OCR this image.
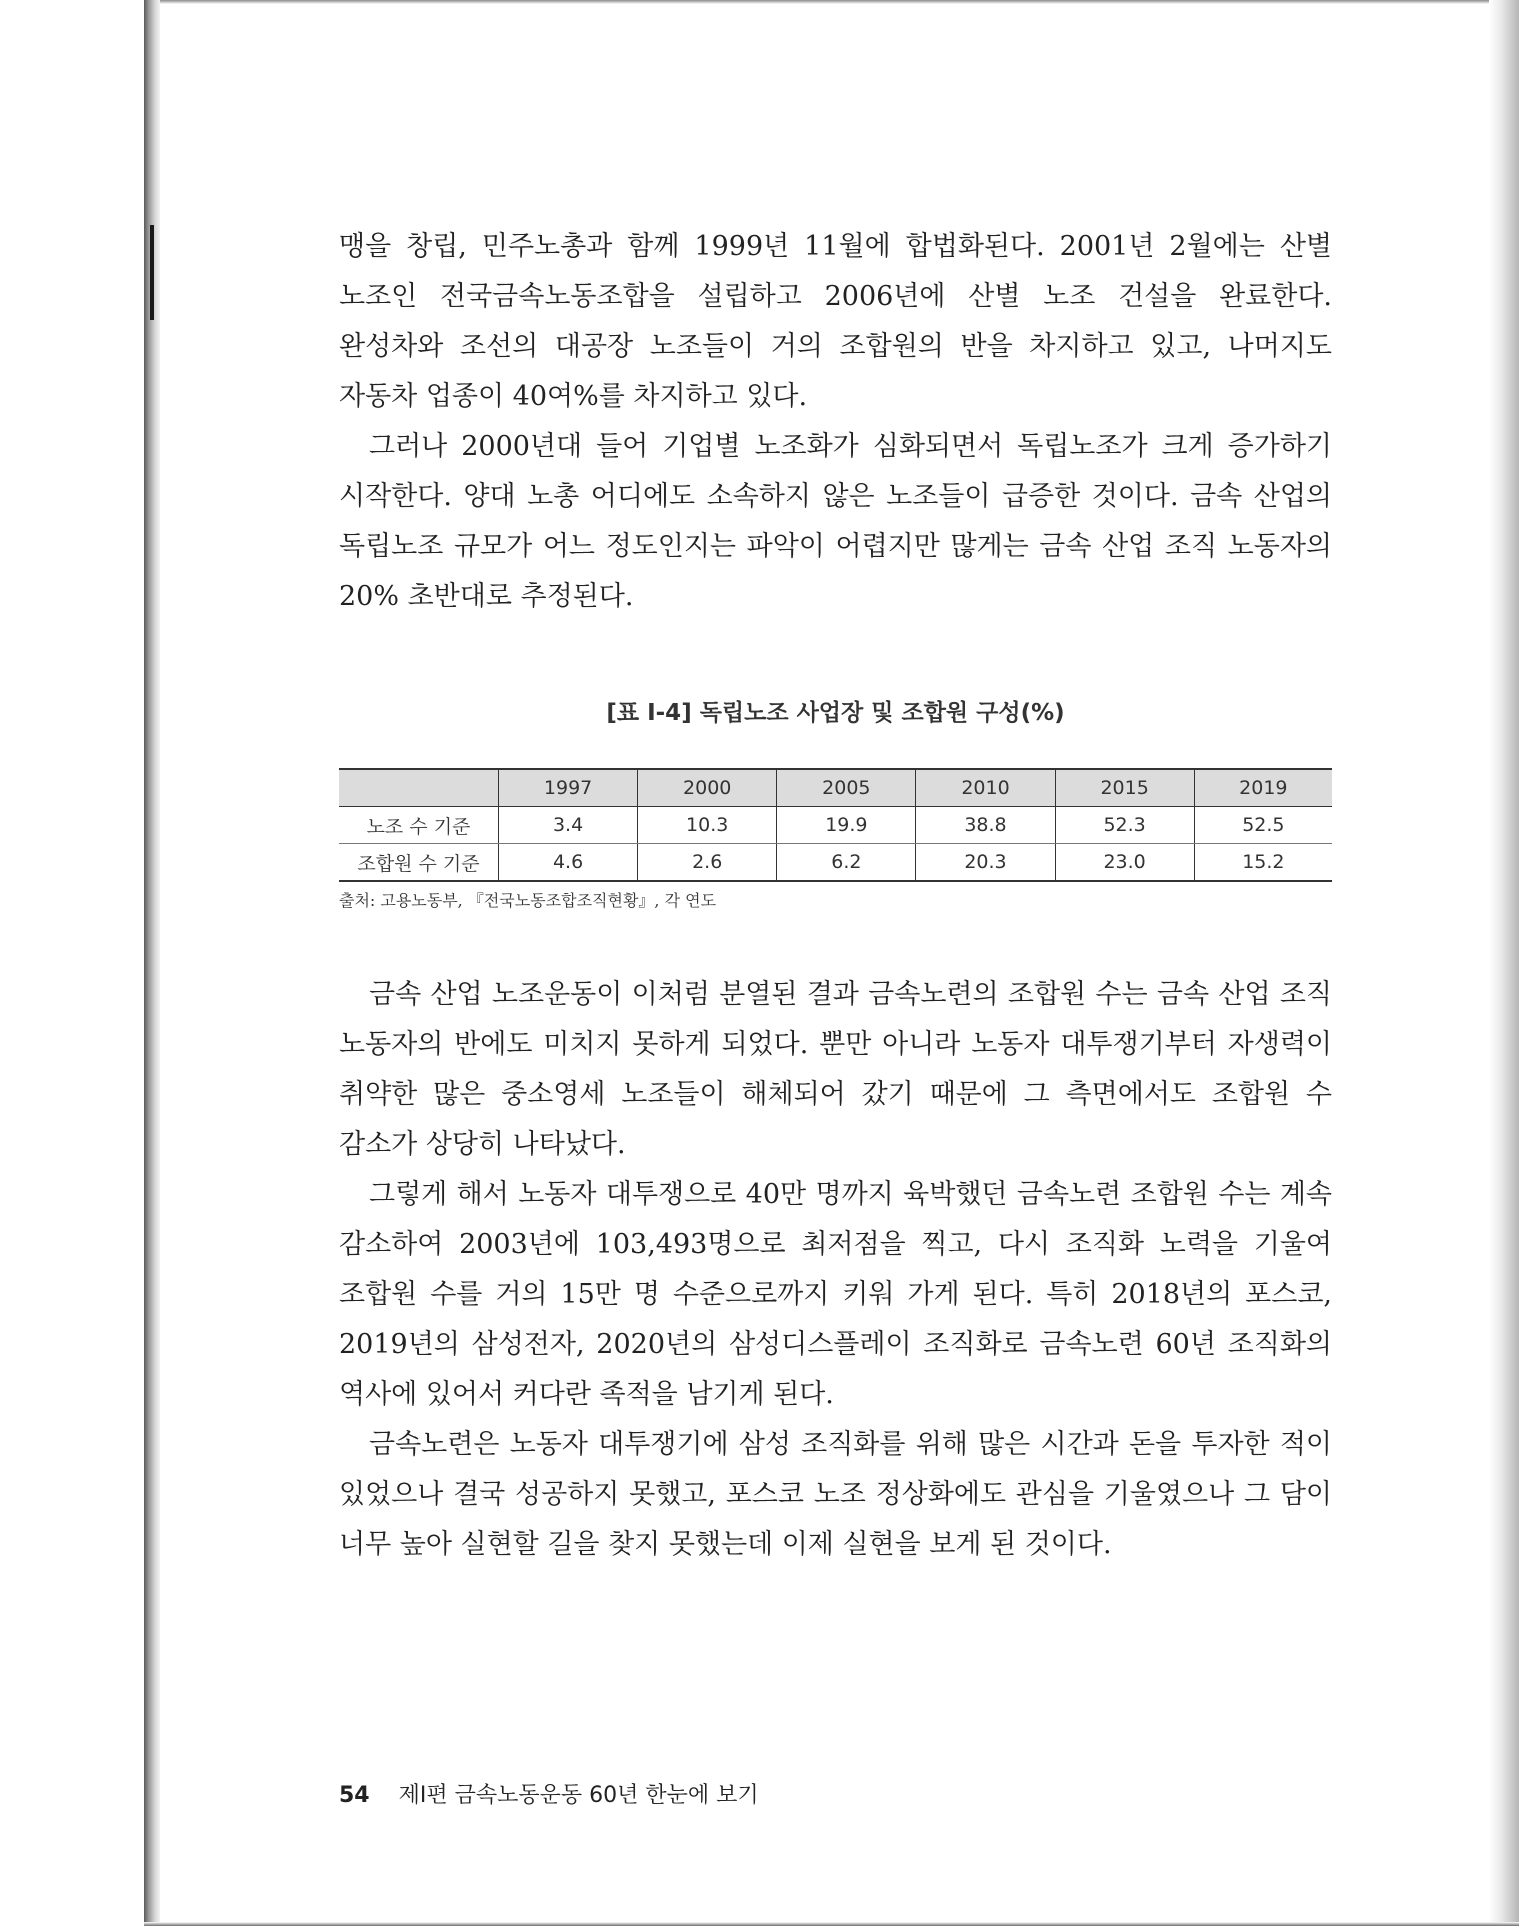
맹을 창립, 민주노총과 함께 1999년 11월에 합법화된다. 2001년 2월에는 산별 노조인 전국금속노동조합을 설립하고 2006년에 산별 노조 건설을 완료한다. 완성차와 조선의 대공장 노조들이 거의 조합원의 반을 차지하고 있고, 나머지도 자동차 업종이 40여%를 차지하고 있다.

그러나 2000년대 들어 기업별 노조화가 심화되면서 독립노조가 크게 증가하기 시작한다. 양대 노총 어디에도 소속하지 않은 노조들이 급증한 것이다. 금속 산업의 독립노조 규모가 어느 정도인지는 파악이 어렵지만 많게는 금속 산업 조직 노동자의 20% 초반대로 추정된다.

[표 Ⅰ-4] 독립노조 사업장 및 조합원 구성(%)
	1997	2000	2005	2010	2015	2019
노조 수 기준	3.4	10.3	19.9	38.8	52.3	52.5
조합원 수 기준	4.6	2.6	6.2	20.3	23.0	15.2
출처: 고용노동부, 『전국노동조합조직현황』, 각 연도

금속 산업 노조운동이 이처럼 분열된 결과 금속노련의 조합원 수는 금속 산업 조직 노동자의 반에도 미치지 못하게 되었다. 뿐만 아니라 노동자 대투쟁기부터 자생력이 취약한 많은 중소영세 노조들이 해체되어 갔기 때문에 그 측면에서도 조합원 수 감소가 상당히 나타났다.

그렇게 해서 노동자 대투쟁으로 40만 명까지 육박했던 금속노련 조합원 수는 계속 감소하여 2003년에 103,493명으로 최저점을 찍고, 다시 조직화 노력을 기울여 조합원 수를 거의 15만 명 수준으로까지 키워 가게 된다. 특히 2018년의 포스코, 2019년의 삼성전자, 2020년의 삼성디스플레이 조직화로 금속노련 60년 조직화의 역사에 있어서 커다란 족적을 남기게 된다.

금속노련은 노동자 대투쟁기에 삼성 조직화를 위해 많은 시간과 돈을 투자한 적이 있었으나 결국 성공하지 못했고, 포스코 노조 정상화에도 관심을 기울였으나 그 담이 너무 높아 실현할 길을 찾지 못했는데 이제 실현을 보게 된 것이다.

54 제Ⅰ편 금속노동운동 60년 한눈에 보기
